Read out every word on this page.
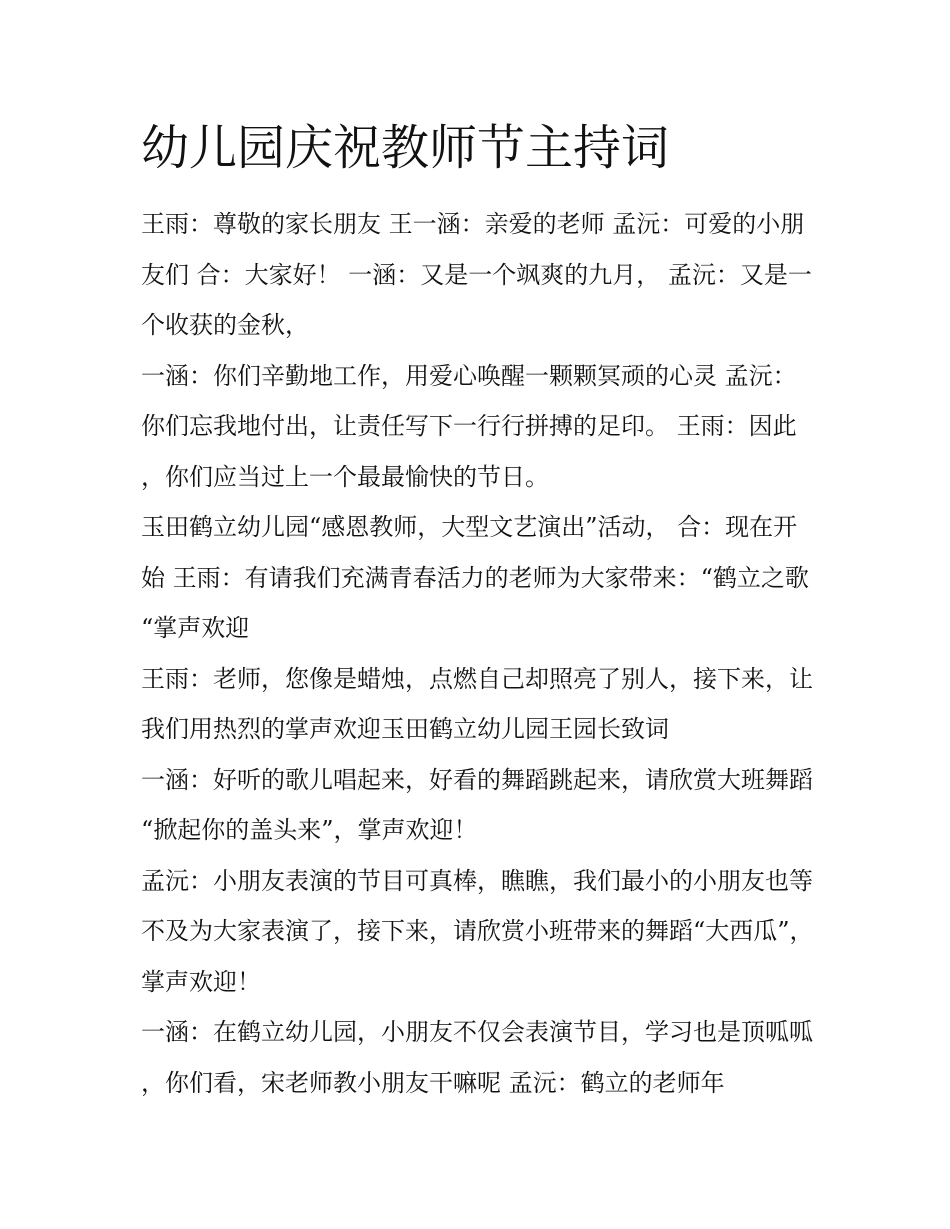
幼儿园庆祝教师节主持词

王雨：尊敬的家长朋友 王一涵：亲爱的老师 孟沅：可爱的小朋友们 合：大家好！ 一涵：又是一个飒爽的九月， 孟沅：又是一个收获的金秋，

一涵：你们辛勤地工作，用爱心唤醒一颗颗冥顽的心灵 孟沅：你们忘我地付出，让责任写下一行行拼搏的足印。 王雨：因此，你们应当过上一个最最愉快的节日。

玉田鹤立幼儿园“感恩教师，大型文艺演出”活动， 合：现在开始 王雨：有请我们充满青春活力的老师为大家带来：“鹤立之歌“掌声欢迎

王雨：老师，您像是蜡烛，点燃自己却照亮了别人，接下来，让我们用热烈的掌声欢迎玉田鹤立幼儿园王园长致词

一涵：好听的歌儿唱起来，好看的舞蹈跳起来，请欣赏大班舞蹈“掀起你的盖头来”，掌声欢迎！

孟沅：小朋友表演的节目可真棒，瞧瞧，我们最小的小朋友也等不及为大家表演了，接下来，请欣赏小班带来的舞蹈“大西瓜”，掌声欢迎！

一涵：在鹤立幼儿园，小朋友不仅会表演节目，学习也是顶呱呱，你们看，宋老师教小朋友干嘛呢 孟沅：鹤立的老师年
